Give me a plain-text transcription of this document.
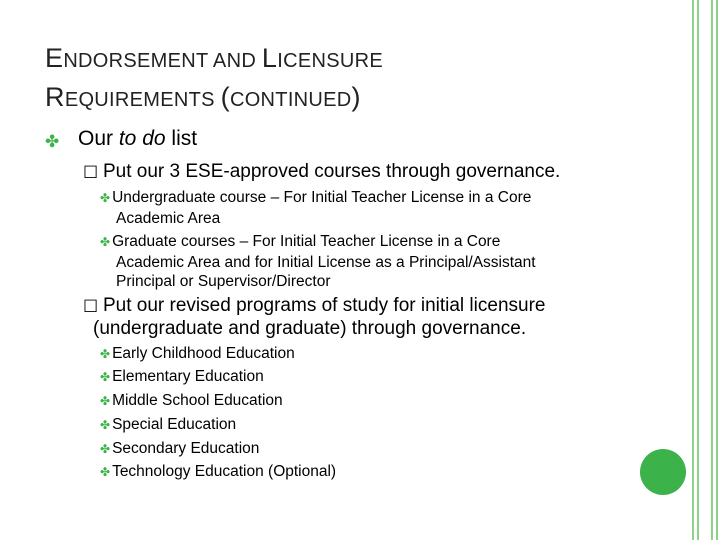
ENDORSEMENT AND LICENSURE
REQUIREMENTS (CONTINUED)
✤ Our to do list
☐ Put our 3 ESE-approved courses through governance.
✤ Undergraduate course – For Initial Teacher License in a Core
Academic Area
✤ Graduate courses – For Initial Teacher License in a Core
Academic Area and for Initial License as a Principal/Assistant
Principal or Supervisor/Director
☐ Put our revised programs of study for initial licensure
(undergraduate and graduate) through governance.
✤ Early Childhood Education
✤ Elementary Education
✤ Middle School Education
✤ Special Education
✤ Secondary Education
✤ Technology Education (Optional)
